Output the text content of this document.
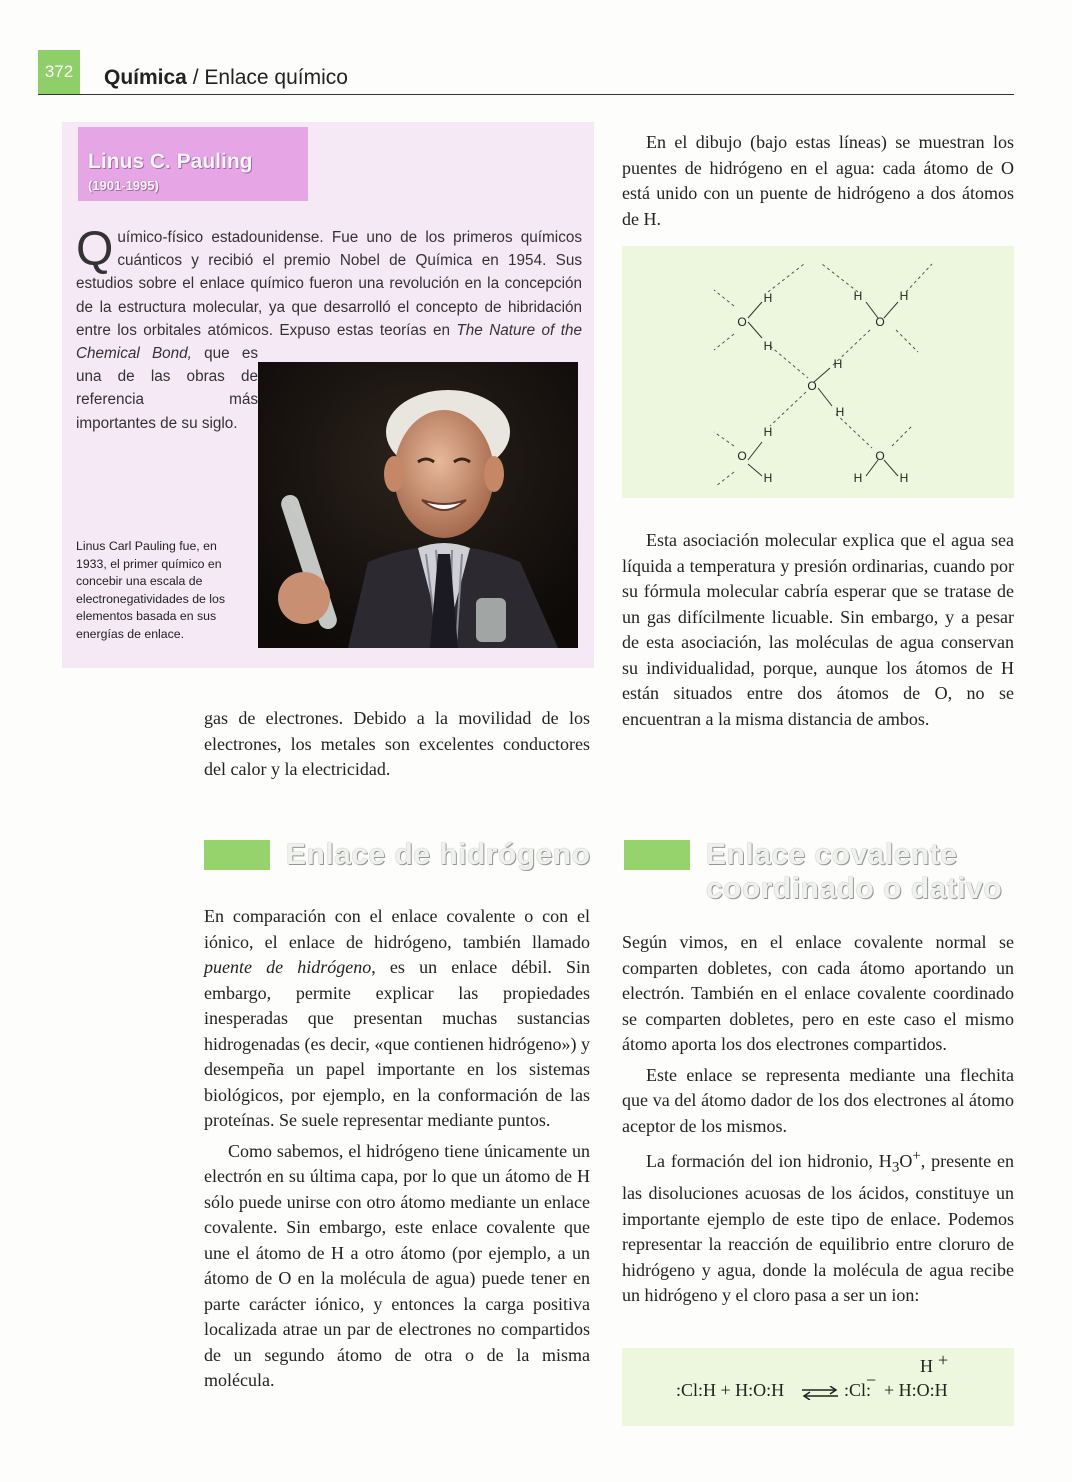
372	Química / Enlace químico
Linus C. Pauling
(1901-1995)
Q uímico-físico estadounidense. Fue uno de los primeros químicos cuánticos y recibió el premio Nobel de Química en 1954. Sus estudios sobre el enlace químico fueron una revolución en la concepción de la estructura molecular, ya que desarrolló el concepto de hibridación entre los orbitales atómicos. Expuso estas teorías en
The Nature of the Chemical Bond, que es una de las obras de referencia más importantes de su siglo.
Linus Carl Pauling fue, en 1933, el primer químico en concebir una escala de electronegatividades de los elementos basada en sus energías de enlace.

gas de electrones. Debido a la movilidad de los electrones, los metales son excelentes conductores del calor y la electricidad.

Enlace de hidrógeno

En comparación con el enlace covalente o con el iónico, el enlace de hidrógeno, también llamado puente de hidrógeno, es un enlace débil. Sin embargo, permite explicar las propiedades inesperadas que presentan muchas sustancias hidrogenadas (es decir, «que contienen hidrógeno») y desempeña un papel importante en los sistemas biológicos, por ejemplo, en la conformación de las proteínas. Se suele representar mediante puntos.

Como sabemos, el hidrógeno tiene únicamente un electrón en su última capa, por lo que un átomo de H sólo puede unirse con otro átomo mediante un enlace covalente. Sin embargo, este enlace covalente que une el átomo de H a otro átomo (por ejemplo, a un átomo de O en la molécula de agua) puede tener en parte carácter iónico, y entonces la carga positiva localizada atrae un par de electrones no compartidos de un segundo átomo de otra o de la misma molécula.

En el dibujo (bajo estas líneas) se muestran los puentes de hidrógeno en el agua: cada átomo de O está unido con un puente de hidrógeno a dos átomos de H.

O
H
H
O
H	H
O
H
H
O
H
H
O
H	H

Esta asociación molecular explica que el agua sea líquida a temperatura y presión ordinarias, cuando por su fórmula molecular cabría esperar que se tratase de un gas difícilmente licuable. Sin embargo, y a pesar de esta asociación, las moléculas de agua conservan su individualidad, porque, aunque los átomos de H están situados entre dos átomos de O, no se encuentran a la misma distancia de ambos.

Enlace covalente
coordinado o dativo

Según vimos, en el enlace covalente normal se comparten dobletes, con cada átomo aportando un electrón. También en el enlace covalente coordinado se comparten dobletes, pero en este caso el mismo átomo aporta los dos electrones compartidos.

Este enlace se representa mediante una flechita que va del átomo dador de los dos electrones al átomo aceptor de los mismos.

La formación del ion hidronio, $H_3O^+$, presente en las disoluciones acuosas de los ácidos, constituye un importante ejemplo de este tipo de enlace. Podemos representar la reacción de equilibrio entre cloruro de hidrógeno y agua, donde la molécula de agua recibe un hidrógeno y el cloro pasa a ser un ion:

H +
:Cl:H + H:O:H ⇌ :Cl:
− + H:O:H
